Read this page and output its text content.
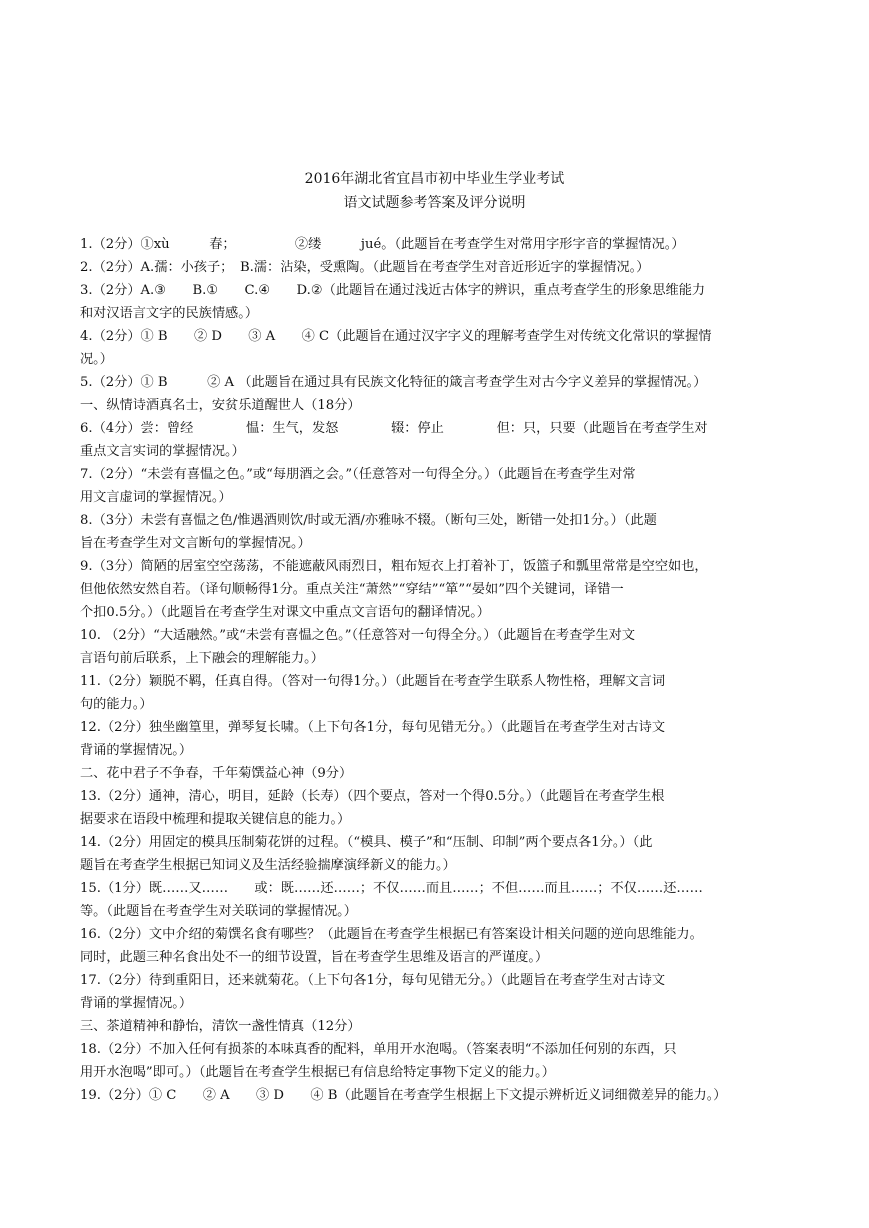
2016年湖北省宜昌市初中毕业生学业考试
语文试题参考答案及评分说明
1.（2分）①xù　　　春；　　　　　②缕　　　jué。（此题旨在考查学生对常用字形字音的掌握情况。）
2.（2分）A.孺：小孩子；　B.濡：沾染，受熏陶。（此题旨在考查学生对音近形近字的掌握情况。）
3.（2分）A.③　　B.①　　C.④　　D.②（此题旨在通过浅近古体字的辨识，重点考查学生的形象思维能力
和对汉语言文字的民族情感。）
4.（2分）① B　　② D　　③ A　　④ C（此题旨在通过汉字字义的理解考查学生对传统文化常识的掌握情
况。）
5.（2分）① B　　　② A （此题旨在通过具有民族文化特征的箴言考查学生对古今字义差异的掌握情况。）
一、纵情诗酒真名士，安贫乐道醒世人（18分）
6.（4分）尝：曾经　　　　愠：生气，发怒　　　　辍：停止　　　　但：只，只要（此题旨在考查学生对
重点文言实词的掌握情况。）
7.（2分）“未尝有喜愠之色。”或“每朋酒之会。”（任意答对一句得全分。）（此题旨在考查学生对常
用文言虚词的掌握情况。）
8.（3分）未尝有喜愠之色/惟遇酒则饮/时或无酒/亦雅咏不辍。（断句三处，断错一处扣1分。）（此题
旨在考查学生对文言断句的掌握情况。）
9.（3分）简陋的居室空空荡荡，不能遮蔽风雨烈日，粗布短衣上打着补丁，饭篮子和瓢里常常是空空如也，
但他依然安然自若。（译句顺畅得1分。重点关注“萧然”“穿结”“箪”“晏如”四个关键词，译错一
个扣0.5分。）（此题旨在考查学生对课文中重点文言语句的翻译情况。）
10. （2分）“大适融然。”或“未尝有喜愠之色。”（任意答对一句得全分。）（此题旨在考查学生对文
言语句前后联系，上下融会的理解能力。）
11.（2分）颖脱不羁，任真自得。（答对一句得1分。）（此题旨在考查学生联系人物性格，理解文言词
句的能力。）
12.（2分）独坐幽篁里，弹琴复长啸。（上下句各1分，每句见错无分。）（此题旨在考查学生对古诗文
背诵的掌握情况。）
二、花中君子不争春，千年菊馔益心神（9分）
13.（2分）通神，清心，明目，延龄（长寿）（四个要点，答对一个得0.5分。）（此题旨在考查学生根
据要求在语段中梳理和提取关键信息的能力。）
14.（2分）用固定的模具压制菊花饼的过程。（“模具、模子”和“压制、印制”两个要点各1分。）（此
题旨在考查学生根据已知词义及生活经验揣摩演绎新义的能力。）
15.（1分）既……又……　　或：既……还……；不仅……而且……；不但……而且……；不仅……还……
等。（此题旨在考查学生对关联词的掌握情况。）
16.（2分）文中介绍的菊馔名食有哪些？（此题旨在考查学生根据已有答案设计相关问题的逆向思维能力。
同时，此题三种名食出处不一的细节设置，旨在考查学生思维及语言的严谨度。）
17.（2分）待到重阳日，还来就菊花。（上下句各1分，每句见错无分。）（此题旨在考查学生对古诗文
背诵的掌握情况。）
三、茶道精神和静怡，清饮一盏性情真（12分）
18.（2分）不加入任何有损茶的本味真香的配料，单用开水泡喝。（答案表明“不添加任何别的东西，只
用开水泡喝”即可。）（此题旨在考查学生根据已有信息给特定事物下定义的能力。）
19.（2分）① C　　② A　　③ D　　④ B（此题旨在考查学生根据上下文提示辨析近义词细微差异的能力。）
